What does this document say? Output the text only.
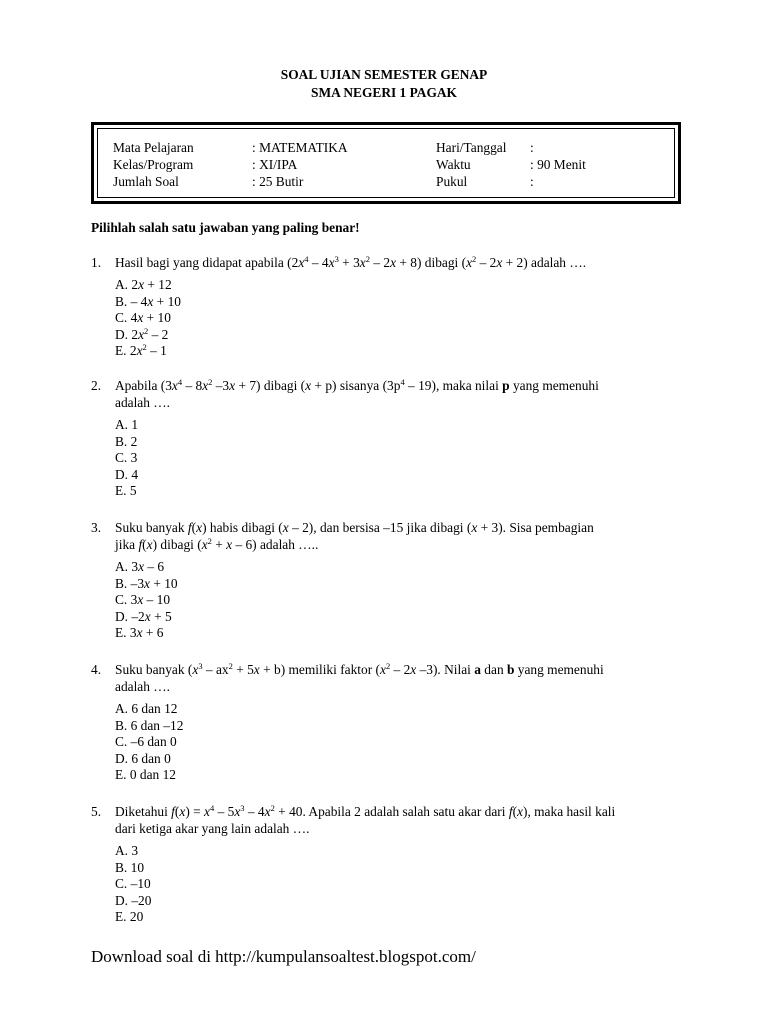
SOAL UJIAN SEMESTER GENAP
SMA NEGERI 1 PAGAK
Mata Pelajaran	: MATEMATIKA	Hari/Tanggal :
Kelas/Program	: XI/IPA	Waktu	: 90 Menit
Jumlah Soal	: 25 Butir	Pukul	:
Pilihlah salah satu jawaban yang paling benar!
1. Hasil bagi yang didapat apabila $(2x^4 - 4x^3 + 3x^2 - 2x + 8)$ dibagi $(x^2 - 2x + 2)$ adalah ….
A. 2x + 12
B. – 4x + 10
C. 4x + 10
D. $2x^2 - 2$
E. $2x^2 - 1$
2. Apabila ($3x^4 - 8x^2$ –3x + 7) dibagi (x + p) sisanya $(3p^4 - 19)$, maka nilai p yang memenuhi
adalah ….
A. 1
B. 2
C. 3
D. 4
E. 5
3. Suku banyak f(x) habis dibagi (x – 2), dan bersisa –15 jika dibagi (x + 3). Sisa pembagian
jika f(x) dibagi $(x^2 + x - 6)$ adalah …..
A. 3x – 6
B. –3x + 10
C. 3x – 10
D. –2x + 5
E. 3x + 6
4. Suku banyak $(x^3 - ax^2 + 5x + b)$ memiliki faktor ($x^2 - 2x$ –3). Nilai a dan b yang memenuhi
adalah ….
A. 6 dan 12
B. 6 dan –12
C. –6 dan 0
D. 6 dan 0
E. 0 dan 12
5. Diketahui $f(x) = x^4 - 5x^3 - 4x^2 + 40$. Apabila 2 adalah salah satu akar dari f(x), maka hasil kali
dari ketiga akar yang lain adalah ….
A. 3
B. 10
C. –10
D. –20
E. 20
Download soal di http://kumpulansoaltest.blogspot.com/
